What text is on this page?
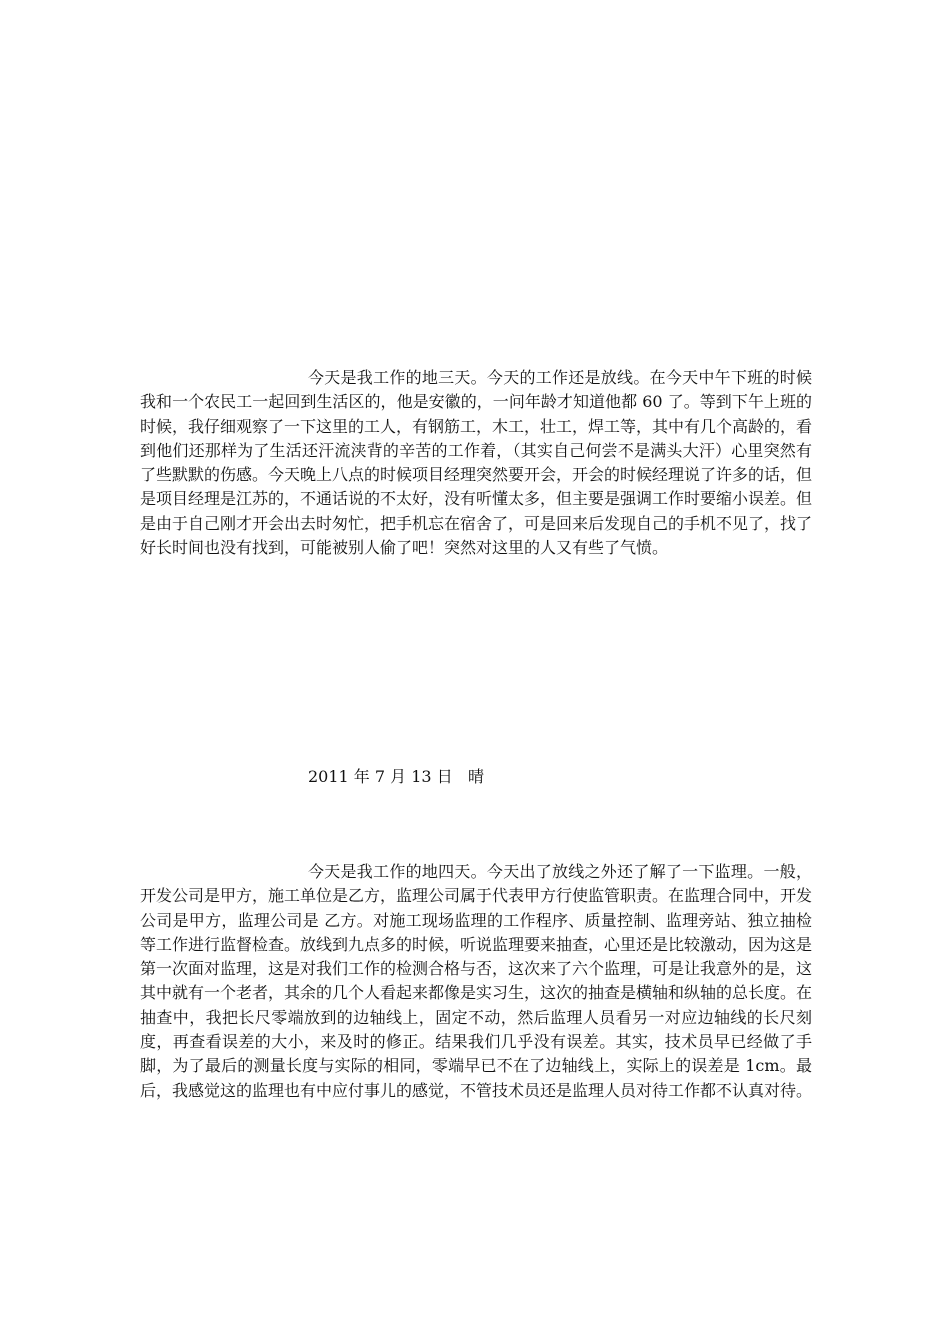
今天是我工作的地三天。今天的工作还是放线。在今天中午下班的时候我和一个农民工一起回到生活区的，他是安徽的，一问年龄才知道他都 60 了。等到下午上班的时候，我仔细观察了一下这里的工人，有钢筋工，木工，壮工，焊工等，其中有几个高龄的，看到他们还那样为了生活还汗流浃背的辛苦的工作着，（其实自己何尝不是满头大汗）心里突然有了些默默的伤感。今天晚上八点的时候项目经理突然要开会，开会的时候经理说了许多的话，但是项目经理是江苏的，不通话说的不太好，没有听懂太多，但主要是强调工作时要缩小误差。但是由于自己刚才开会出去时匆忙，把手机忘在宿舍了，可是回来后发现自己的手机不见了，找了好长时间也没有找到，可能被别人偷了吧！突然对这里的人又有些了气愤。

2011 年 7 月 13 日   晴

今天是我工作的地四天。今天出了放线之外还了解了一下监理。一般，开发公司是甲方，施工单位是乙方，监理公司属于代表甲方行使监管职责。在监理合同中，开发公司是甲方，监理公司是 乙方。对施工现场监理的工作程序、质量控制、监理旁站、独立抽检等工作进行监督检查。放线到九点多的时候，听说监理要来抽查，心里还是比较激动，因为这是第一次面对监理，这是对我们工作的检测合格与否，这次来了六个监理，可是让我意外的是，这其中就有一个老者，其余的几个人看起来都像是实习生，这次的抽查是横轴和纵轴的总长度。在抽查中，我把长尺零端放到的边轴线上，固定不动，然后监理人员看另一对应边轴线的长尺刻度，再查看误差的大小，来及时的修正。结果我们几乎没有误差。其实，技术员早已经做了手脚，为了最后的测量长度与实际的相同，零端早已不在了边轴线上，实际上的误差是 1cm。最后，我感觉这的监理也有中应付事儿的感觉，不管技术员还是监理人员对待工作都不认真对待。
